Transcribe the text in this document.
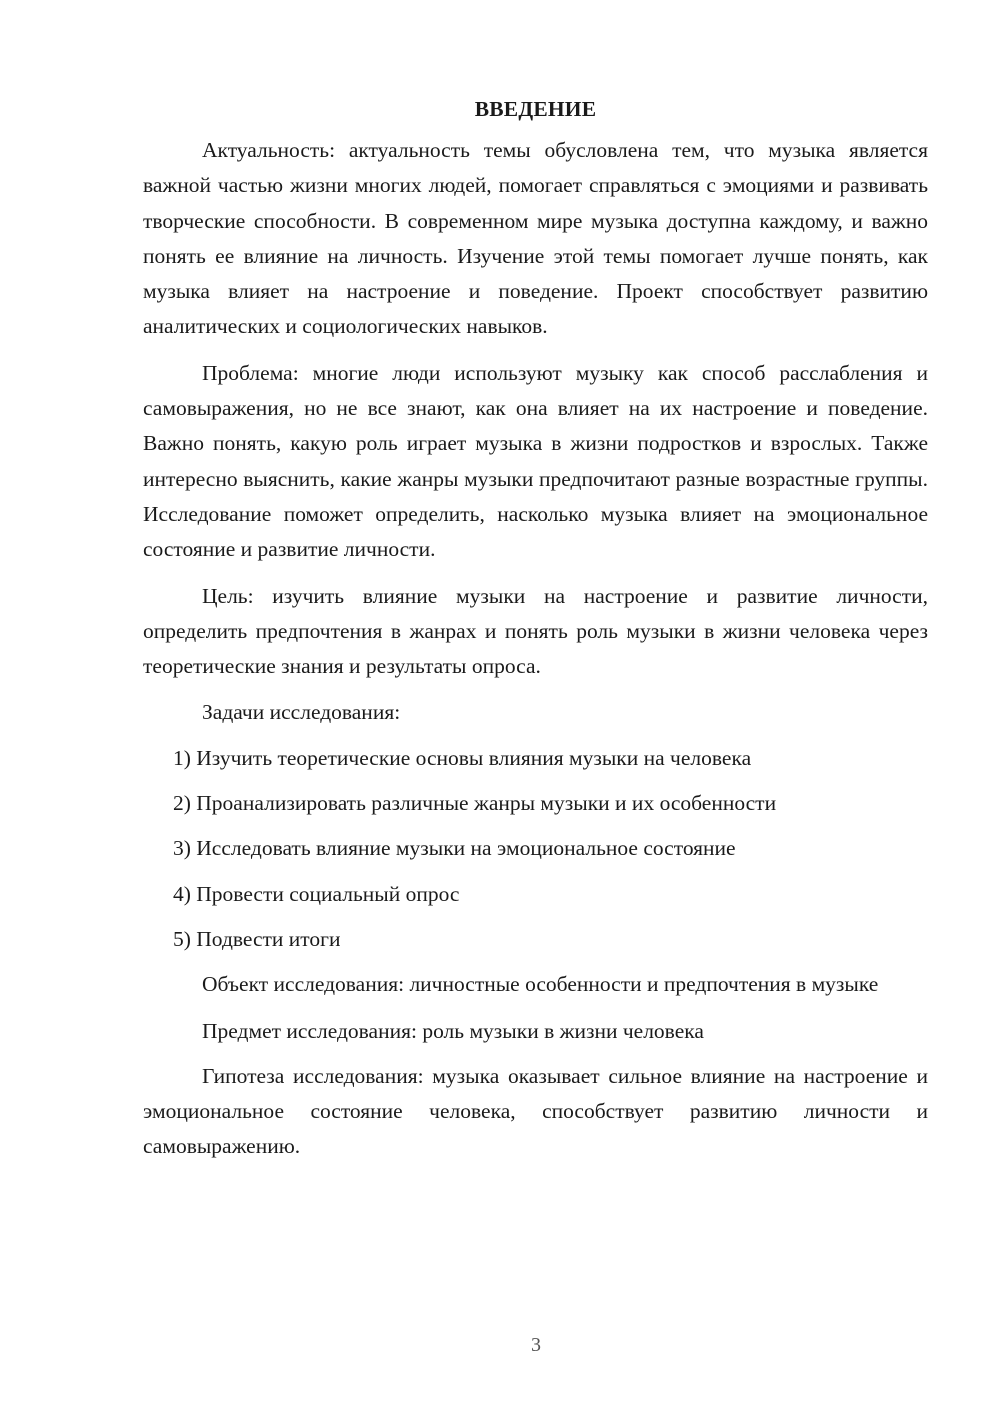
ВВЕДЕНИЕ

Актуальность: актуальность темы обусловлена тем, что музыка является важной частью жизни многих людей, помогает справляться с эмоциями и развивать творческие способности. В современном мире музыка доступна каждому, и важно понять ее влияние на личность. Изучение этой темы помогает лучше понять, как музыка влияет на настроение и поведение. Проект способствует развитию аналитических и социологических навыков.

Проблема: многие люди используют музыку как способ расслабления и самовыражения, но не все знают, как она влияет на их настроение и поведение. Важно понять, какую роль играет музыка в жизни подростков и взрослых. Также интересно выяснить, какие жанры музыки предпочитают разные возрастные группы. Исследование поможет определить, насколько музыка влияет на эмоциональное состояние и развитие личности.

Цель: изучить влияние музыки на настроение и развитие личности, определить предпочтения в жанрах и понять роль музыки в жизни человека через теоретические знания и результаты опроса.

Задачи исследования:

1) Изучить теоретические основы влияния музыки на человека
2) Проанализировать различные жанры музыки и их особенности
3) Исследовать влияние музыки на эмоциональное состояние
4) Провести социальный опрос
5) Подвести итоги

Объект исследования: личностные особенности и предпочтения в музыке

Предмет исследования: роль музыки в жизни человека

Гипотеза исследования: музыка оказывает сильное влияние на настроение и эмоциональное состояние человека, способствует развитию личности и самовыражению.

3
